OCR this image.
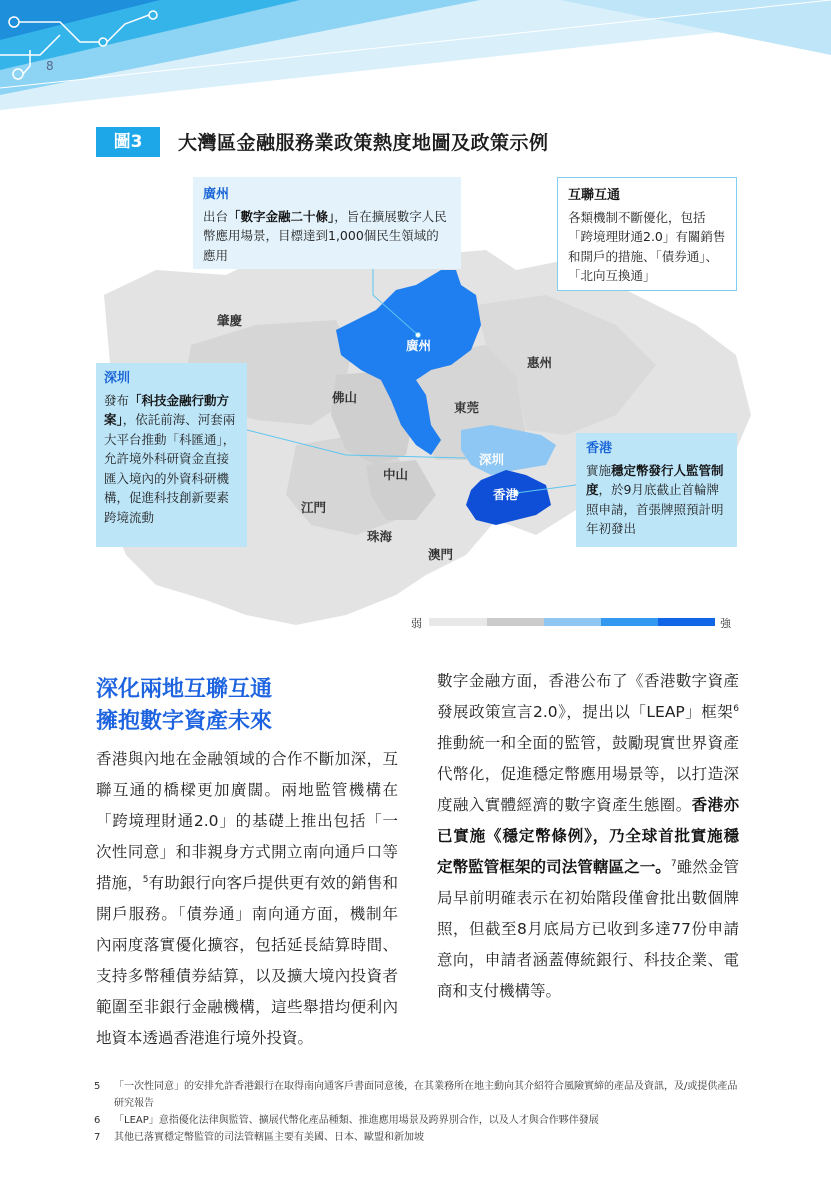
8
圖3	大灣區金融服務業政策熱度地圖及政策示例
肇慶
廣州
惠州
佛山
東莞
深圳
中山
香港
江門
珠海
澳門
弱	強
廣州
出台「數字金融二十條」，旨在擴展數字人民幣應用場景，目標達到1,000個民生領域的應用
互聯互通
各類機制不斷優化，包括「跨境理財通2.0」有關銷售和開戶的措施、「債券通」、「北向互換通」
深圳
發布「科技金融行動方案」，依託前海、河套兩大平台推動「科匯通」，允許境外科研資金直接匯入境內的外資科研機構，促進科技創新要素跨境流動
香港
實施穩定幣發行人監管制度，於9月底截止首輪牌照申請，首張牌照預計明年初發出
深化兩地互聯互通
擁抱數字資產未來
香港與內地在金融領域的合作不斷加深，互聯互通的橋樑更加廣闊。兩地監管機構在「跨境理財通2.0」的基礎上推出包括「一次性同意」和非親身方式開立南向通戶口等措施，$^5$有助銀行向客戶提供更有效的銷售和開戶服務。「債券通」南向通方面，機制年內兩度落實優化擴容，包括延長結算時間、支持多幣種債券結算，以及擴大境內投資者範圍至非銀行金融機構，這些舉措均便利內地資本透過香港進行境外投資。
數字金融方面，香港公布了《香港數字資產發展政策宣言2.0》，提出以「LEAP」框架$^6$推動統一和全面的監管，鼓勵現實世界資產代幣化，促進穩定幣應用場景等，以打造深度融入實體經濟的數字資產生態圈。香港亦已實施《穩定幣條例》，乃全球首批實施穩定幣監管框架的司法管轄區之一。$^7$雖然金管局早前明確表示在初始階段僅會批出數個牌照，但截至8月底局方已收到多達77份申請意向，申請者涵蓋傳統銀行、科技企業、電商和支付機構等。
5	「一次性同意」的安排允許香港銀行在取得南向通客戶書面同意後，在其業務所在地主動向其介紹符合風險實締的產品及資訊，及/或提供產品研究報告
6	「LEAP」意指優化法律與監管、擴展代幣化產品種類、推進應用場景及跨界別合作，以及人才與合作夥伴發展
7	其他已落實穩定幣監管的司法管轄區主要有美國、日本、歐盟和新加坡
